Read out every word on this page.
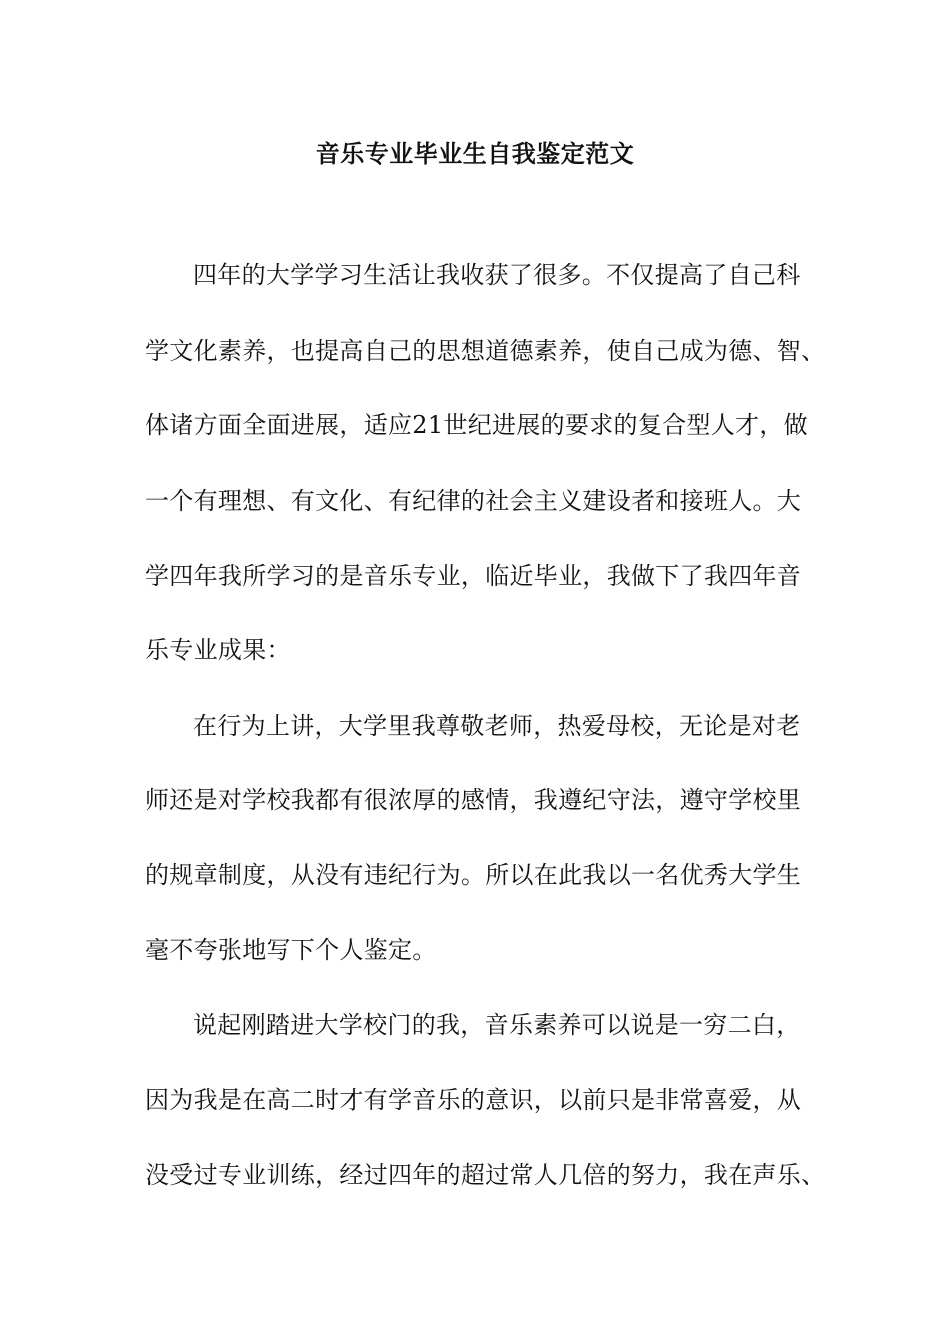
音乐专业毕业生自我鉴定范文
四年的大学学习生活让我收获了很多。不仅提高了自己科
学文化素养，也提高自己的思想道德素养，使自己成为德、智、
体诸方面全面进展，适应21世纪进展的要求的复合型人才，做
一个有理想、有文化、有纪律的社会主义建设者和接班人。大
学四年我所学习的是音乐专业，临近毕业，我做下了我四年音
乐专业成果：
在行为上讲，大学里我尊敬老师，热爱母校，无论是对老
师还是对学校我都有很浓厚的感情，我遵纪守法，遵守学校里
的规章制度，从没有违纪行为。所以在此我以一名优秀大学生
毫不夸张地写下个人鉴定。
说起刚踏进大学校门的我，音乐素养可以说是一穷二白，
因为我是在高二时才有学音乐的意识，以前只是非常喜爱，从
没受过专业训练，经过四年的超过常人几倍的努力，我在声乐、
